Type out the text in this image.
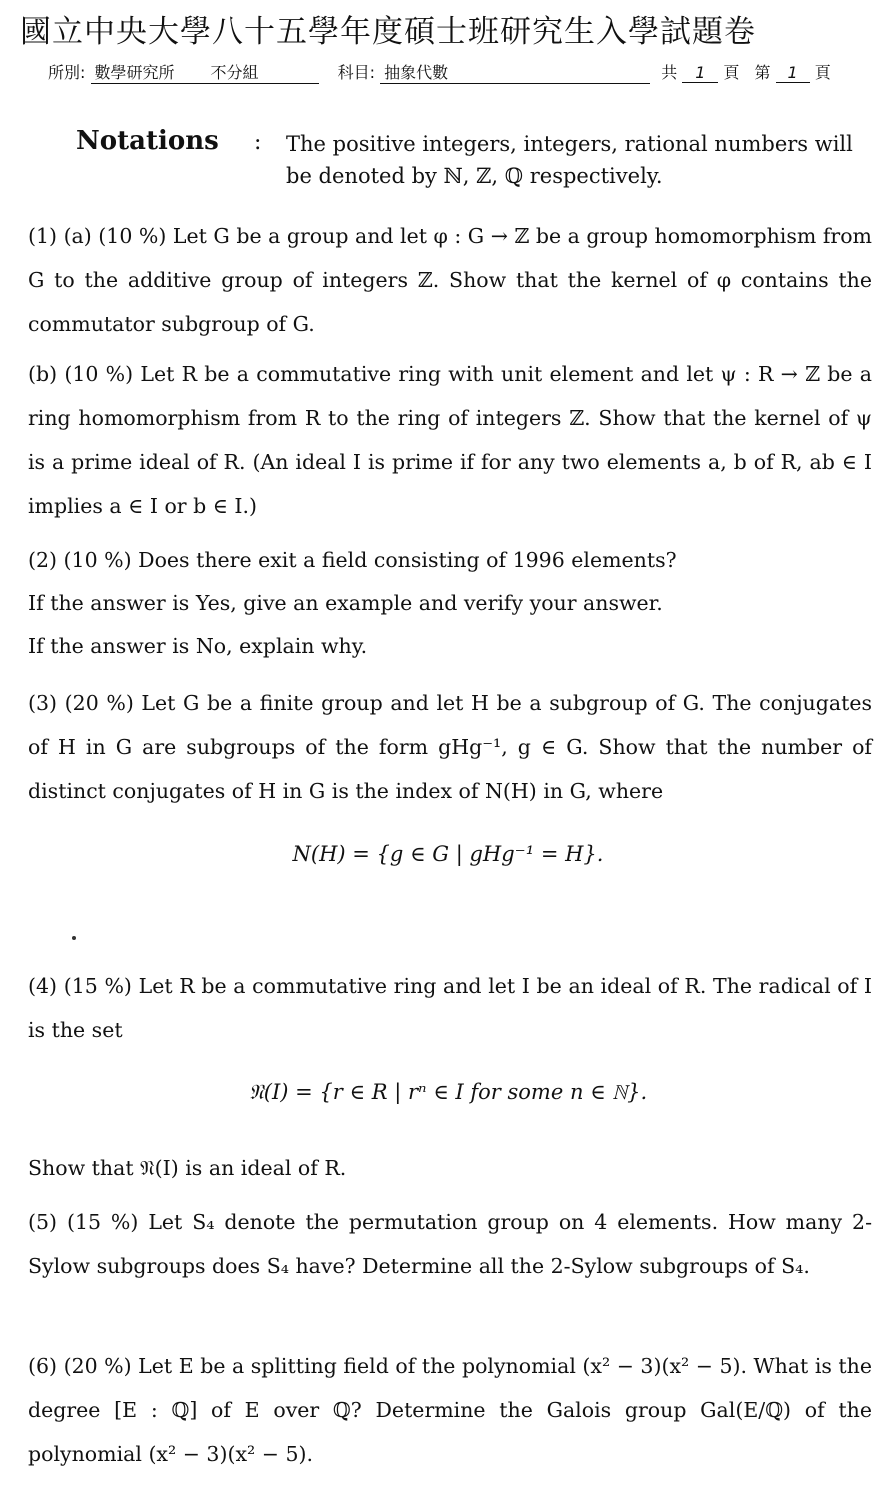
國立中央大學八十五學年度碩士班研究生入學試題卷
所別: 數學研究所 不分組	科目: 抽象代數	共 1 頁 第 1 頁
Notations : The positive integers, integers, rational numbers will be denoted by ℕ, ℤ, ℚ respectively.
(1) (a) (10 %) Let G be a group and let φ : G → ℤ be a group homomorphism from G to the additive group of integers ℤ. Show that the kernel of φ contains the commutator subgroup of G.
(b) (10 %) Let R be a commutative ring with unit element and let ψ : R → ℤ be a ring homomorphism from R to the ring of integers ℤ. Show that the kernel of ψ is a prime ideal of R. (An ideal I is prime if for any two elements a, b of R, ab ∈ I implies a ∈ I or b ∈ I.)
(2) (10 %) Does there exit a field consisting of 1996 elements?
If the answer is Yes, give an example and verify your answer.
If the answer is No, explain why.
(3) (20 %) Let G be a finite group and let H be a subgroup of G. The conjugates of H in G are subgroups of the form gHg⁻¹, g ∈ G. Show that the number of distinct conjugates of H in G is the index of N(H) in G, where
N(H) = {g ∈ G | gHg⁻¹ = H}.
(4) (15 %) Let R be a commutative ring and let I be an ideal of R. The radical of I is the set
𝔑(I) = {r ∈ R | rⁿ ∈ I for some n ∈ ℕ}.
Show that 𝔑(I) is an ideal of R.
(5) (15 %) Let S₄ denote the permutation group on 4 elements. How many 2-Sylow subgroups does S₄ have? Determine all the 2-Sylow subgroups of S₄.
(6) (20 %) Let E be a splitting field of the polynomial (x² − 3)(x² − 5). What is the degree [E : ℚ] of E over ℚ? Determine the Galois group Gal(E/ℚ) of the polynomial (x² − 3)(x² − 5).
